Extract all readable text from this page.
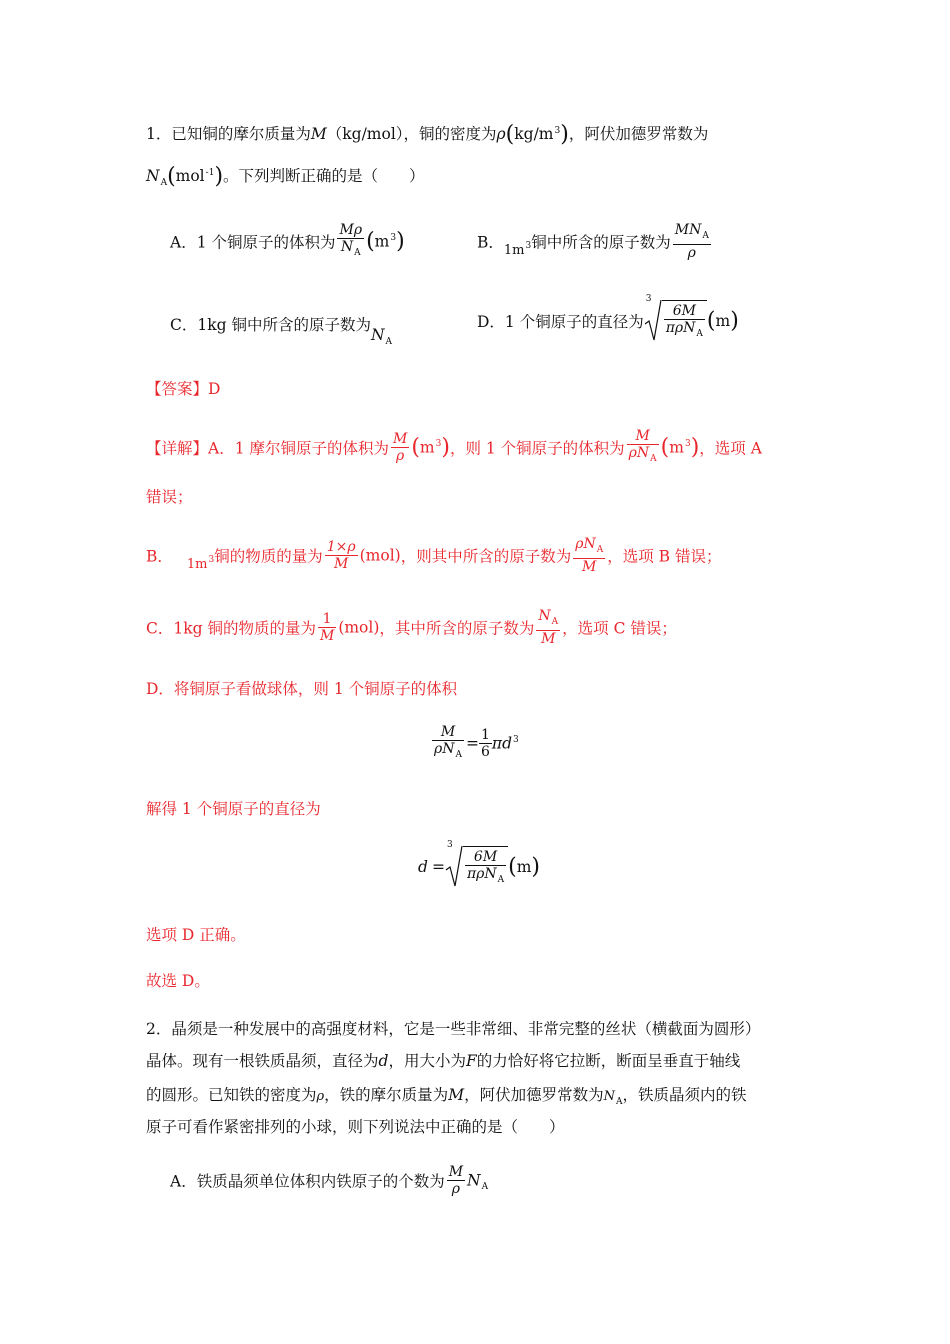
1．已知铜的摩尔质量为M（kg/mol），铜的密度为$\rho(kg/m^3)$，阿伏加德罗常数为
$N_A(mol^{-1})$。下列判断正确的是（　　）
A．1 个铜原子的体积为 $\frac{M\rho}{N_A} (m^3)$	B．$_{1m^3}$铜中所含的原子数为 $\frac{MN_A}{\rho}$
C．1kg 铜中所含的原子数为$N_A$
D．1 个铜原子的直径为
3
$\frac{6M}{\pi\rho N_A} (m)$
【答案】D
【详解】A．1 摩尔铜原子的体积为 $\frac{M}{\rho} (m^3)$，则 1 个铜原子的体积为 $\frac{M}{\rho N_A} (m^3)$，选项 A
错误；
B． $_{1m^3}$铜的物质的量为 $\frac{1\times\rho}{M} (mol)$，则其中所含的原子数为 $\frac{\rho N_A}{M}$ ，选项 B 错误；
C．1kg 铜的物质的量为 $\frac{1}{M} (mol)$，其中所含的原子数为 $\frac{N_A}{M}$ ，选项 C 错误；
D．将铜原子看做球体，则 1 个铜原子的体积
$\frac{M}{\rho N_A} = \frac{1}{6} \pi d^3$
解得 1 个铜原子的直径为
d =
3
$\frac{6M}{\pi\rho N_A} (m)$
选项 D 正确。
故选 D。
2．晶须是一种发展中的高强度材料，它是一些非常细、非常完整的丝状（横截面为圆形）
晶体。现有一根铁质晶须，直径为d，用大小为F的力恰好将它拉断，断面呈垂直于轴线
的圆形。已知铁的密度为ρ，铁的摩尔质量为M，阿伏加德罗常数为$N_A$，铁质晶须内的铁
原子可看作紧密排列的小球，则下列说法中正确的是（　　）
A．铁质晶须单位体积内铁原子的个数为 $\frac{M}{\rho} N_A$
